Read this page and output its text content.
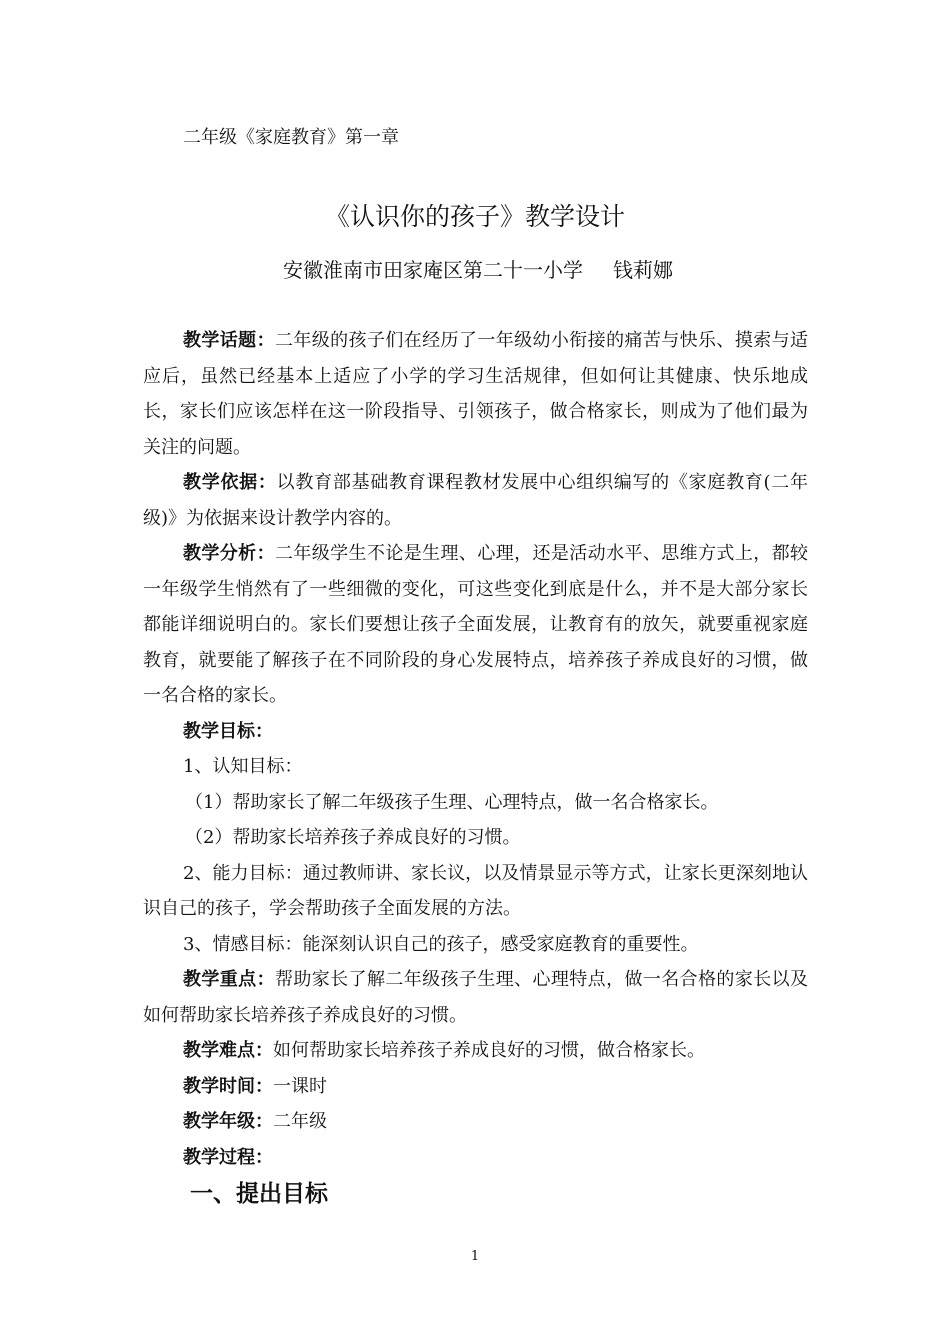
二年级《家庭教育》第一章
《认识你的孩子》教学设计
安徽淮南市田家庵区第二十一小学 钱莉娜

教学话题：二年级的孩子们在经历了一年级幼小衔接的痛苦与快乐、摸索与适应后，虽然已经基本上适应了小学的学习生活规律，但如何让其健康、快乐地成长，家长们应该怎样在这一阶段指导、引领孩子，做合格家长，则成为了他们最为关注的问题。

教学依据：以教育部基础教育课程教材发展中心组织编写的《家庭教育(二年级)》为依据来设计教学内容的。

教学分析：二年级学生不论是生理、心理，还是活动水平、思维方式上，都较一年级学生悄然有了一些细微的变化，可这些变化到底是什么，并不是大部分家长都能详细说明白的。家长们要想让孩子全面发展，让教育有的放矢，就要重视家庭教育，就要能了解孩子在不同阶段的身心发展特点，培养孩子养成良好的习惯，做一名合格的家长。

教学目标：

1、认知目标：

（1）帮助家长了解二年级孩子生理、心理特点，做一名合格家长。

（2）帮助家长培养孩子养成良好的习惯。

2、能力目标：通过教师讲、家长议，以及情景显示等方式，让家长更深刻地认识自己的孩子，学会帮助孩子全面发展的方法。

3、情感目标：能深刻认识自己的孩子，感受家庭教育的重要性。

教学重点：帮助家长了解二年级孩子生理、心理特点，做一名合格的家长以及如何帮助家长培养孩子养成良好的习惯。

教学难点：如何帮助家长培养孩子养成良好的习惯，做合格家长。

教学时间：一课时

教学年级：二年级

教学过程：

一、提出目标
1
